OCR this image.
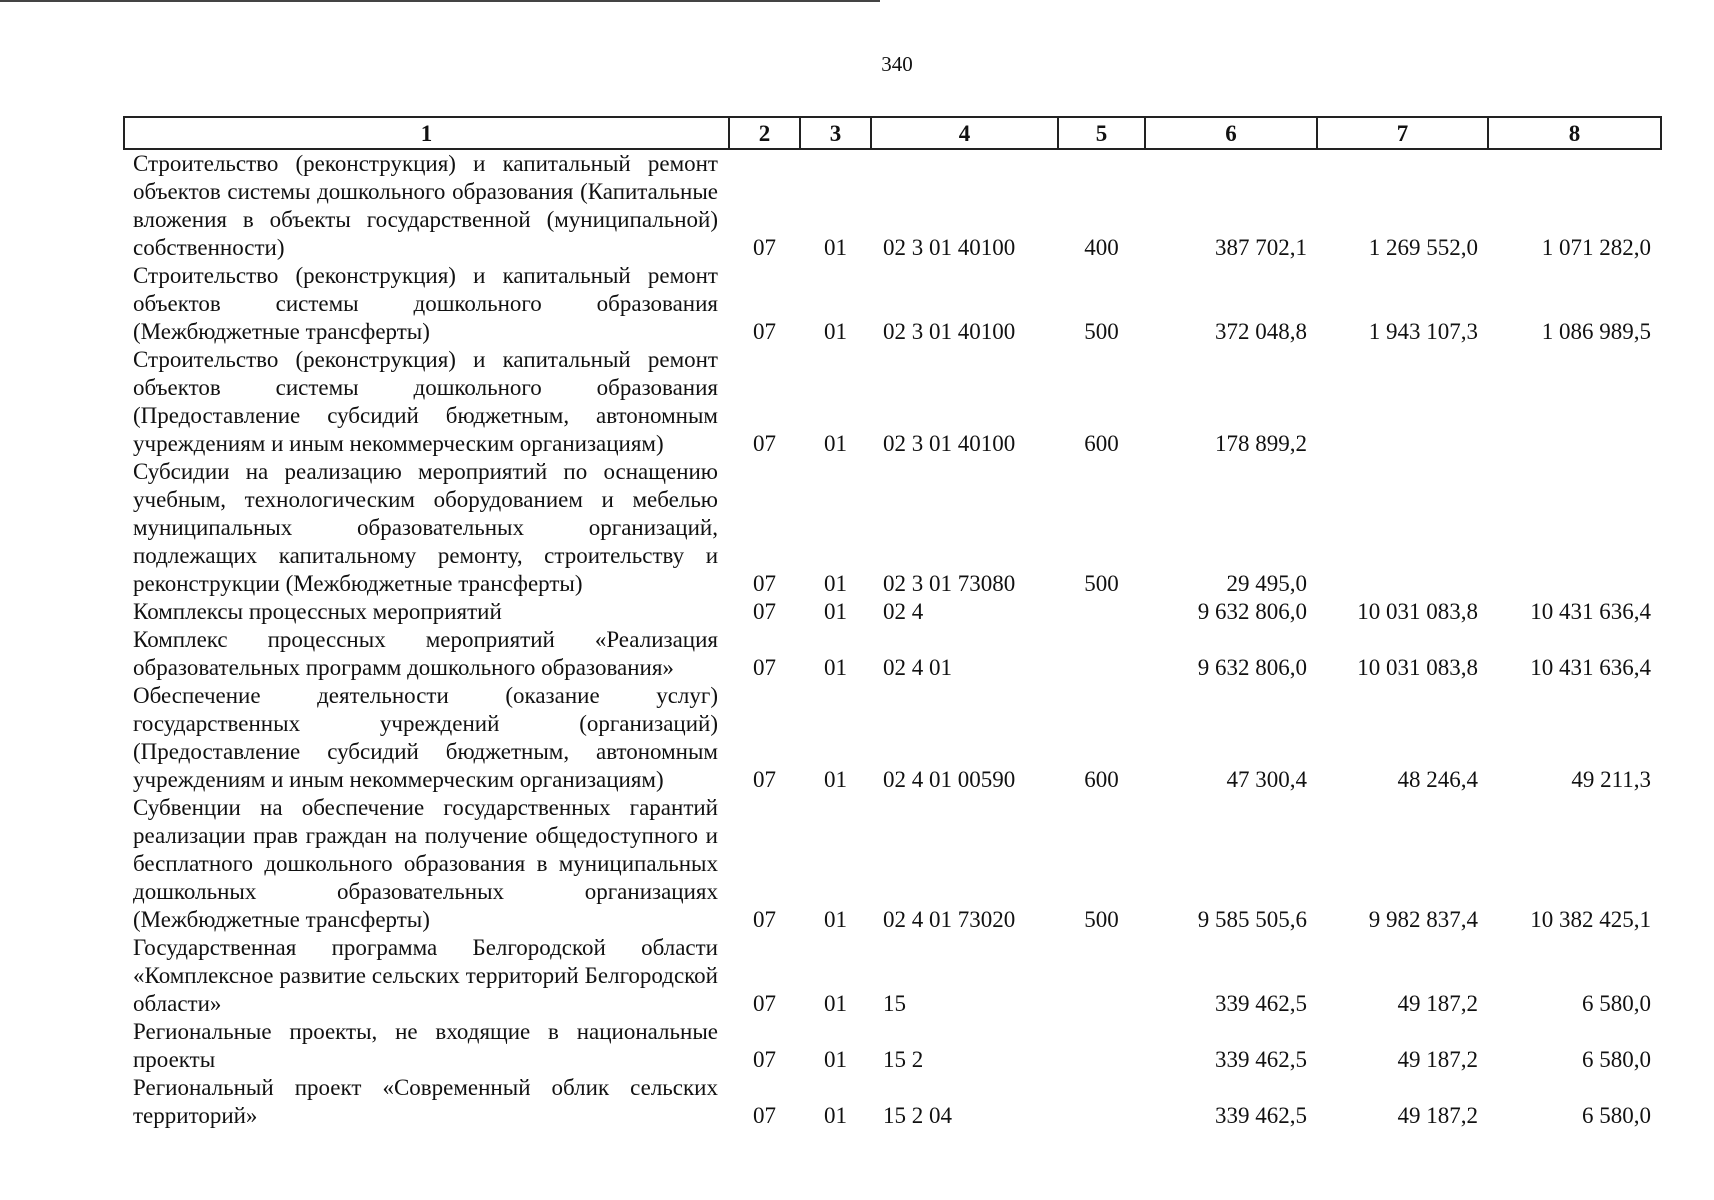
340
1	2	3	4	5	6	7	8
Строительство (реконструкция) и капитальный ремонт объектов системы дошкольного образования (Капитальные вложения в объекты государственной (муниципальной) собственности)	07	01	02 3 01 40100	400	387 702,1	1 269 552,0	1 071 282,0
Строительство (реконструкция) и капитальный ремонт объектов системы дошкольного образования (Межбюджетные трансферты)	07	01	02 3 01 40100	500	372 048,8	1 943 107,3	1 086 989,5
Строительство (реконструкция) и капитальный ремонт объектов системы дошкольного образования (Предоставление субсидий бюджетным, автономным учреждениям и иным некоммерческим организациям)	07	01	02 3 01 40100	600	178 899,2		
Субсидии на реализацию мероприятий по оснащению учебным, технологическим оборудованием и мебелью муниципальных образовательных организаций, подлежащих капитальному ремонту, строительству и реконструкции (Межбюджетные трансферты)	07	01	02 3 01 73080	500	29 495,0		
Комплексы процессных мероприятий	07	01	02 4		9 632 806,0	10 031 083,8	10 431 636,4
Комплекс процессных мероприятий «Реализация образовательных программ дошкольного образования»	07	01	02 4 01		9 632 806,0	10 031 083,8	10 431 636,4
Обеспечение деятельности (оказание услуг) государственных учреждений (организаций) (Предоставление субсидий бюджетным, автономным учреждениям и иным некоммерческим организациям)	07	01	02 4 01 00590	600	47 300,4	48 246,4	49 211,3
Субвенции на обеспечение государственных гарантий реализации прав граждан на получение общедоступного и бесплатного дошкольного образования в муниципальных дошкольных образовательных организациях (Межбюджетные трансферты)	07	01	02 4 01 73020	500	9 585 505,6	9 982 837,4	10 382 425,1
Государственная программа Белгородской области «Комплексное развитие сельских территорий Белгородской области»	07	01	15		339 462,5	49 187,2	6 580,0
Региональные проекты, не входящие в национальные проекты	07	01	15 2		339 462,5	49 187,2	6 580,0
Региональный проект «Современный облик сельских территорий»	07	01	15 2 04		339 462,5	49 187,2	6 580,0
